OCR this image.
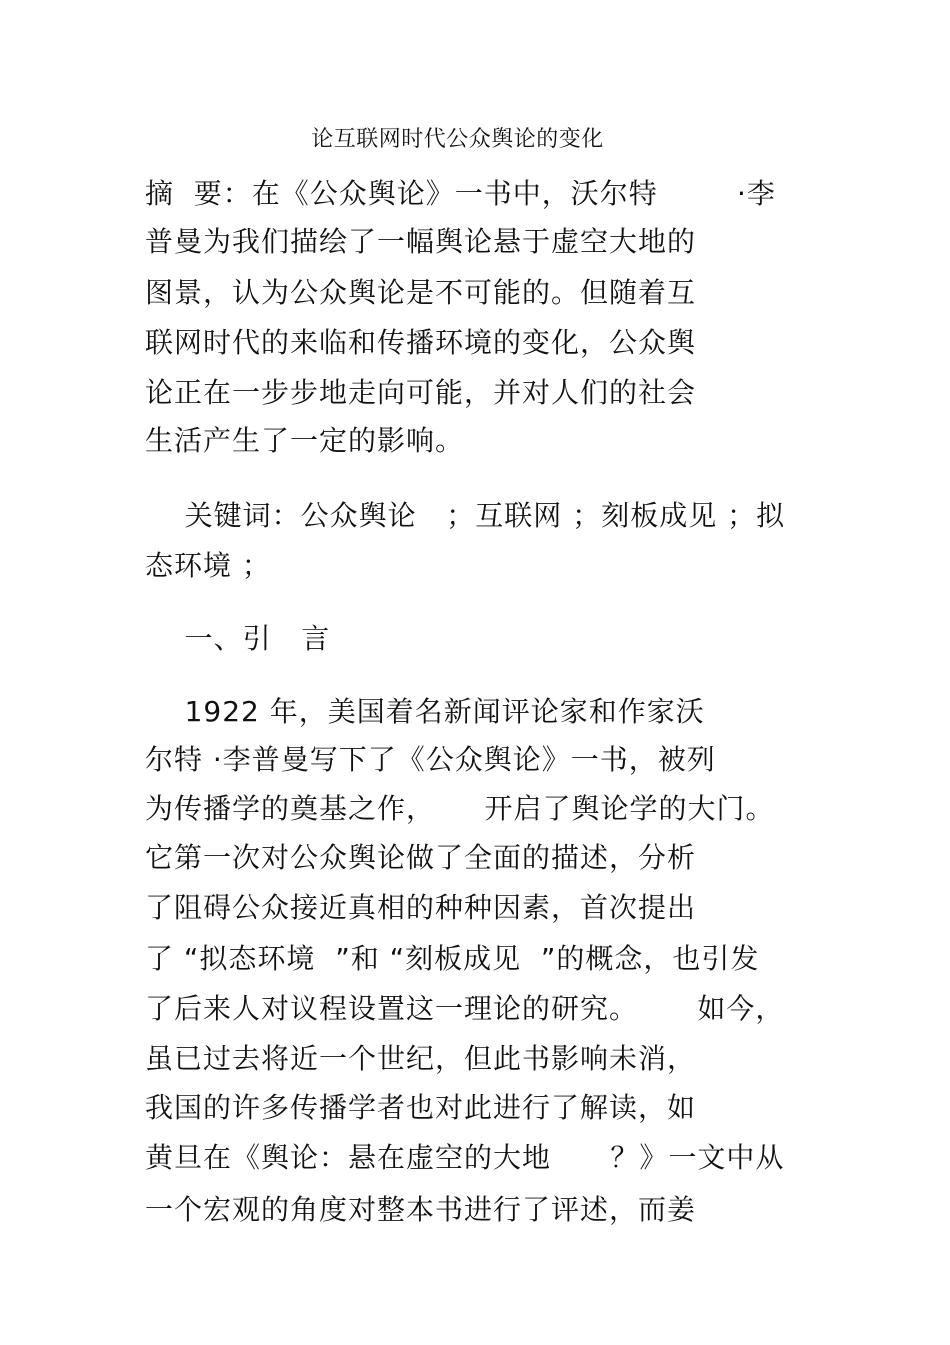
论互联网时代公众舆论的变化
摘  要：在《公众舆论》一书中，沃尔特        ·李
普曼为我们描绘了一幅舆论悬于虚空大地的
图景，认为公众舆论是不可能的。但随着互
联网时代的来临和传播环境的变化，公众舆
论正在一步步地走向可能，并对人们的社会
生活产生了一定的影响。
关键词：公众舆论   ；互联网 ；刻板成见 ；拟
态环境 ；
一、引   言
1922 年，美国着名新闻评论家和作家沃
尔特 ·李普曼写下了《公众舆论》一书，被列
为传播学的奠基之作，     开启了舆论学的大门。
它第一次对公众舆论做了全面的描述，分析
了阻碍公众接近真相的种种因素，首次提出
了 “拟态环境  ”和 “刻板成见  ”的概念，也引发
了后来人对议程设置这一理论的研究。      如今，
虽已过去将近一个世纪，但此书影响未消，
我国的许多传播学者也对此进行了解读，如
黄旦在《舆论：悬在虚空的大地      ？》一文中从
一个宏观的角度对整本书进行了评述，而姜
